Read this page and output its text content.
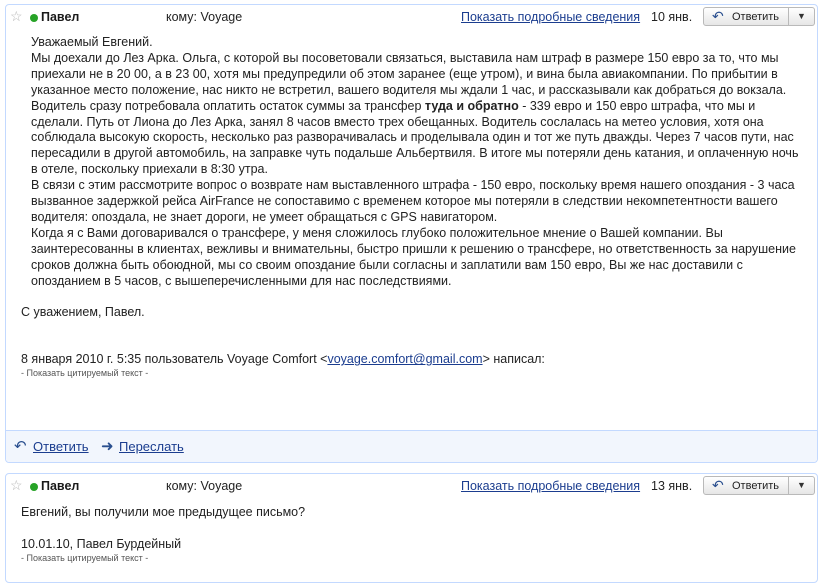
☆ Павел	кому: Voyage	Показать подробные сведения 10 янв. ↶ Ответить	▼

Уважаемый Евгений.

Мы доехали до Лез Арка. Ольга, с которой вы посоветовали связаться, выставила нам штраф в размере 150 евро за то, что мы приехали не в 20 00, а в 23 00, хотя мы предупредили об этом заранее (еще утром), и вина была авиакомпании. По прибытии в указанное место положение, нас никто не встретил, вашего водителя мы ждали 1 час, и рассказывали как добраться до вокзала. Водитель сразу потребовала оплатить остаток суммы за трансфер туда и обратно - 339 евро и 150 евро штрафа, что мы и сделали. Путь от Лиона до Лез Арка, занял 8 часов вместо трех обещанных. Водитель сослалась на метео условия, хотя она соблюдала высокую скорость, несколько раз разворачивалась и проделывала один и тот же путь дважды. Через 7 часов пути, нас пересадили в другой автомобиль, на заправке чуть подальше Альбертвиля. В итоге мы потеряли день катания, и оплаченную ночь в отеле, поскольку приехали в 8:30 утра.

В связи с этим рассмотрите вопрос о возврате нам выставленного штрафа - 150 евро, поскольку время нашего опоздания - 3 часа вызванное задержкой рейса AirFrance не сопоставимо с временем которое мы потеряли в следствии некомпетентности вашего водителя: опоздала, не знает дороги, не умеет обращаться с GPS навигатором.

Когда я с Вами договаривался о трансфере, у меня сложилось глубоко положительное мнение о Вашей компании. Вы заинтересованны в клиентах, вежливы и внимательны, быстро пришли к решению о трансфере, но ответственность за нарушение сроков должна быть обоюдной, мы со своим опоздание были согласны и заплатили вам 150 евро, Вы же нас доставили с опозданием в 5 часов, с вышеперечисленными для нас последствиями.

С уважением, Павел.

8 января 2010 г. 5:35 пользователь Voyage Comfort <voyage.comfort@gmail.com> написал:

- Показать цитируемый текст -

↶ Ответить ➜ Переслать
☆ Павел	кому: Voyage	Показать подробные сведения 13 янв. ↶ Ответить	▼

Евгений, вы получили мое предыдущее письмо?

10.01.10, Павел Бурдейный

- Показать цитируемый текст -
